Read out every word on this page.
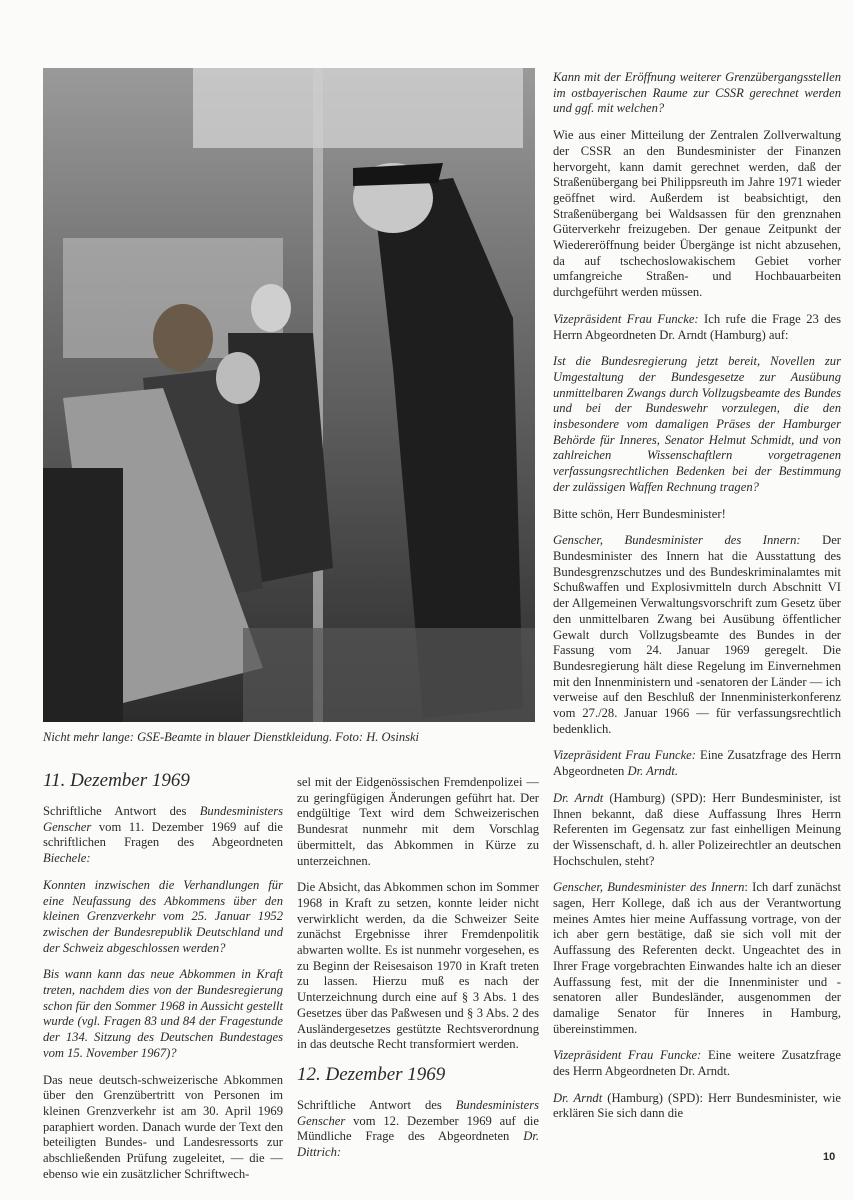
Nicht mehr lange: GSE-Beamte in blauer Dienstkleidung. Foto: H. Osinski
11. Dezember 1969

Schriftliche Antwort des Bundesministers Genscher vom 11. Dezember 1969 auf die schriftlichen Fragen des Abgeordneten Biechele:

Konnten inzwischen die Verhandlungen für eine Neufassung des Abkommens über den kleinen Grenzverkehr vom 25. Januar 1952 zwischen der Bundesrepublik Deutschland und der Schweiz abgeschlossen werden?

Bis wann kann das neue Abkommen in Kraft treten, nachdem dies von der Bundesregierung schon für den Sommer 1968 in Aussicht gestellt wurde (vgl. Fragen 83 und 84 der Fragestunde der 134. Sitzung des Deutschen Bundestages vom 15. November 1967)?

Das neue deutsch-schweizerische Abkommen über den Grenzübertritt von Personen im kleinen Grenzverkehr ist am 30. April 1969 paraphiert worden. Danach wurde der Text den beteiligten Bundes- und Landesressorts zur abschließenden Prüfung zugeleitet, — die — ebenso wie ein zusätzlicher Schriftwech-

sel mit der Eidgenössischen Fremdenpolizei — zu geringfügigen Änderungen geführt hat. Der endgültige Text wird dem Schweizerischen Bundesrat nunmehr mit dem Vorschlag übermittelt, das Abkommen in Kürze zu unterzeichnen.

Die Absicht, das Abkommen schon im Sommer 1968 in Kraft zu setzen, konnte leider nicht verwirklicht werden, da die Schweizer Seite zunächst Ergebnisse ihrer Fremdenpolitik abwarten wollte. Es ist nunmehr vorgesehen, es zu Beginn der Reisesaison 1970 in Kraft treten zu lassen. Hierzu muß es nach der Unterzeichnung durch eine auf § 3 Abs. 1 des Gesetzes über das Paßwesen und § 3 Abs. 2 des Ausländergesetzes gestützte Rechtsverordnung in das deutsche Recht transformiert werden.

12. Dezember 1969

Schriftliche Antwort des Bundesministers Genscher vom 12. Dezember 1969 auf die Mündliche Frage des Abgeordneten Dr. Dittrich:

Kann mit der Eröffnung weiterer Grenzübergangsstellen im ostbayerischen Raume zur CSSR gerechnet werden und ggf. mit welchen?

Wie aus einer Mitteilung der Zentralen Zollverwaltung der CSSR an den Bundesminister der Finanzen hervorgeht, kann damit gerechnet werden, daß der Straßenübergang bei Philippsreuth im Jahre 1971 wieder geöffnet wird. Außerdem ist beabsichtigt, den Straßenübergang bei Waldsassen für den grenznahen Güterverkehr freizugeben. Der genaue Zeitpunkt der Wiedereröffnung beider Übergänge ist nicht abzusehen, da auf tschechoslowakischem Gebiet vorher umfangreiche Straßen- und Hochbauarbeiten durchgeführt werden müssen.

Vizepräsident Frau Funcke: Ich rufe die Frage 23 des Herrn Abgeordneten Dr. Arndt (Hamburg) auf:

Ist die Bundesregierung jetzt bereit, Novellen zur Umgestaltung der Bundesgesetze zur Ausübung unmittelbaren Zwangs durch Vollzugsbeamte des Bundes und bei der Bundeswehr vorzulegen, die den insbesondere vom damaligen Präses der Hamburger Behörde für Inneres, Senator Helmut Schmidt, und von zahlreichen Wissenschaftlern vorgetragenen verfassungsrechtlichen Bedenken bei der Bestimmung der zulässigen Waffen Rechnung tragen?

Bitte schön, Herr Bundesminister!

Genscher, Bundesminister des Innern: Der Bundesminister des Innern hat die Ausstattung des Bundesgrenzschutzes und des Bundeskriminalamtes mit Schußwaffen und Explosivmitteln durch Abschnitt VI der Allgemeinen Verwaltungsvorschrift zum Gesetz über den unmittelbaren Zwang bei Ausübung öffentlicher Gewalt durch Vollzugsbeamte des Bundes in der Fassung vom 24. Januar 1969 geregelt. Die Bundesregierung hält diese Regelung im Einvernehmen mit den Innenministern und -senatoren der Länder — ich verweise auf den Beschluß der Innenministerkonferenz vom 27./28. Januar 1966 — für verfassungsrechtlich bedenklich.

Vizepräsident Frau Funcke: Eine Zusatzfrage des Herrn Abgeordneten Dr. Arndt.

Dr. Arndt (Hamburg) (SPD): Herr Bundesminister, ist Ihnen bekannt, daß diese Auffassung Ihres Herrn Referenten im Gegensatz zur fast einhelligen Meinung der Wissenschaft, d. h. aller Polizeirechtler an deutschen Hochschulen, steht?

Genscher, Bundesminister des Innern: Ich darf zunächst sagen, Herr Kollege, daß ich aus der Verantwortung meines Amtes hier meine Auffassung vortrage, von der ich aber gern bestätige, daß sie sich voll mit der Auffassung des Referenten deckt. Ungeachtet des in Ihrer Frage vorgebrachten Einwandes halte ich an dieser Auffassung fest, mit der die Innenminister und -senatoren aller Bundesländer, ausgenommen der damalige Senator für Inneres in Hamburg, übereinstimmen.

Vizepräsident Frau Funcke: Eine weitere Zusatzfrage des Herrn Abgeordneten Dr. Arndt.

Dr. Arndt (Hamburg) (SPD): Herr Bundesminister, wie erklären Sie sich dann die

10
